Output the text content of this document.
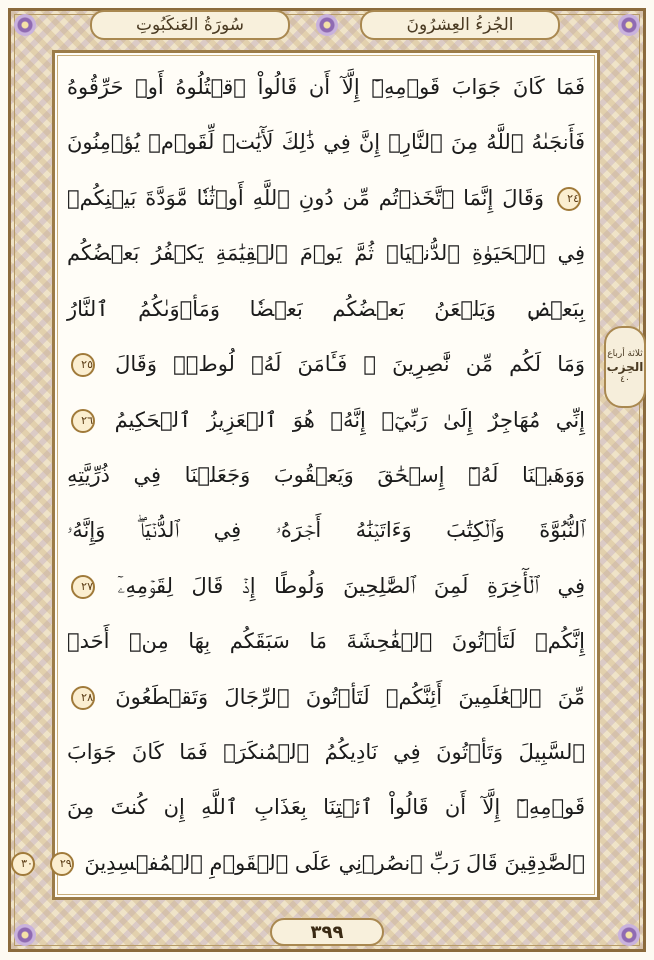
الجُزءُ العِشرُونَ
سُورَةُ العَنكَبُوتِ
فَمَا كَانَ جَوَابَ قَوۡمِهِۦٓ إِلَّآ أَن قَالُواْ ٱقۡتُلُوهُ أَوۡ حَرِّقُوهُ
فَأَنجَىٰهُ ٱللَّهُ مِنَ ٱلنَّارِۚ إِنَّ فِي ذَٰلِكَ لَأٓيَٰتٖ لِّقَوۡمٖ يُؤۡمِنُونَ
٢٤ وَقَالَ إِنَّمَا ٱتَّخَذۡتُم مِّن دُونِ ٱللَّهِ أَوۡثَٰنٗا مَّوَدَّةَ بَيۡنِكُمۡ
فِي ٱلۡحَيَوٰةِ ٱلدُّنۡيَاۖ ثُمَّ يَوۡمَ ٱلۡقِيَٰمَةِ يَكۡفُرُ بَعۡضُكُم
بِبَعۡضٖ وَيَلۡعَنُ بَعۡضُكُم بَعۡضٗا وَمَأۡوَىٰكُمُ ٱلنَّارُ
وَمَا لَكُم مِّن نَّٰصِرِينَ ۞ فَـَٔامَنَ لَهُۥ لُوطٞۘ وَقَالَ ٢٥
إِنِّي مُهَاجِرٌ إِلَىٰ رَبِّيٓۖ إِنَّهُۥ هُوَ ٱلۡعَزِيزُ ٱلۡحَكِيمُ ٢٦
وَوَهَبۡنَا لَهُۥٓ إِسۡحَٰقَ وَيَعۡقُوبَ وَجَعَلۡنَا فِي ذُرِّيَّتِهِ
ٱلنُّبُوَّةَ وَٱلۡكِتَٰبَ وَءَاتَيۡنَٰهُ أَجۡرَهُۥ فِي ٱلدُّنۡيَاۖ وَإِنَّهُۥ
فِي ٱلۡأٓخِرَةِ لَمِنَ ٱلصَّٰلِحِينَ وَلُوطًا إِذۡ قَالَ لِقَوۡمِهِۦٓ ٢٧
إِنَّكُمۡ لَتَأۡتُونَ ٱلۡفَٰحِشَةَ مَا سَبَقَكُم بِهَا مِنۡ أَحَدٖ
مِّنَ ٱلۡعَٰلَمِينَ أَئِنَّكُمۡ لَتَأۡتُونَ ٱلرِّجَالَ وَتَقۡطَعُونَ ٢٨
ٱلسَّبِيلَ وَتَأۡتُونَ فِي نَادِيكُمُ ٱلۡمُنكَرَۖ فَمَا كَانَ جَوَابَ
قَوۡمِهِۦٓ إِلَّآ أَن قَالُواْ ٱئۡتِنَا بِعَذَابِ ٱللَّهِ إِن كُنتَ مِنَ
ٱلصَّٰدِقِينَ قَالَ رَبِّ ٱنصُرۡنِي عَلَى ٱلۡقَوۡمِ ٱلۡمُفۡسِدِينَ ٢٩ ٣٠
ثلاثة أرباع
الحِزب
٤٠
٣٩٩
